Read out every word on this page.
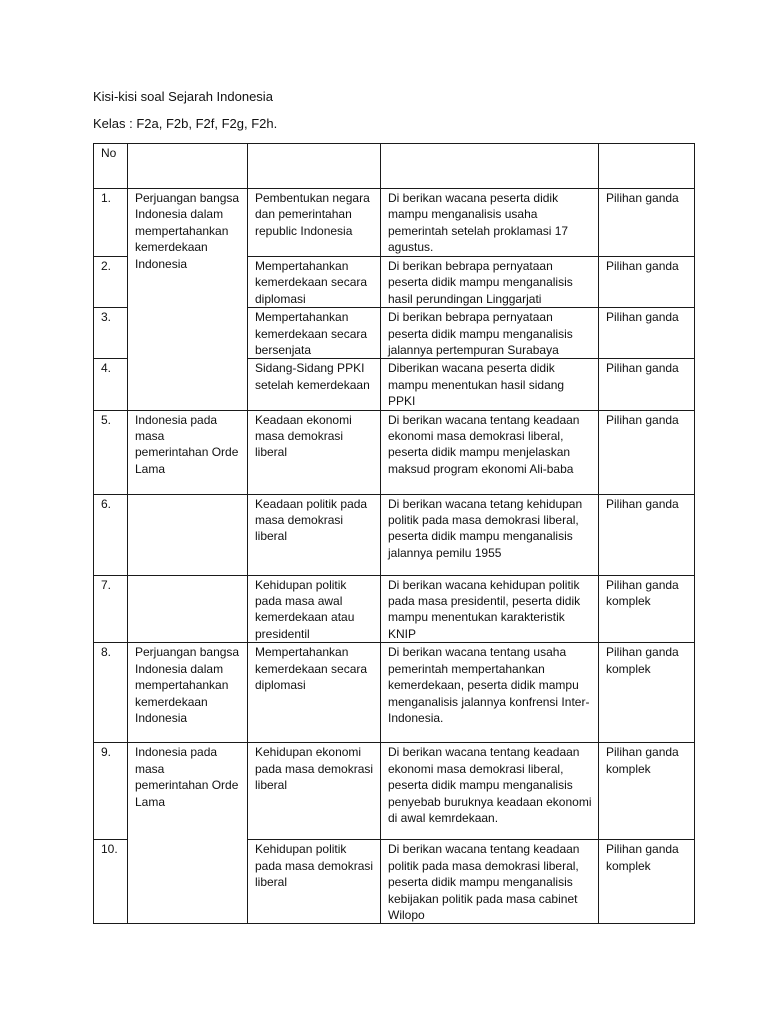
Kisi-kisi soal Sejarah Indonesia
Kelas : F2a, F2b, F2f, F2g, F2h.
No				
1.	Perjuangan bangsa Indonesia dalam mempertahankan kemerdekaan Indonesia	Pembentukan negara dan pemerintahan republic Indonesia	Di berikan wacana peserta didik mampu menganalisis usaha pemerintah setelah proklamasi 17 agustus.	Pilihan ganda
2.		Mempertahankan kemerdekaan secara diplomasi	Di berikan bebrapa pernyataan peserta didik mampu menganalisis hasil perundingan Linggarjati	Pilihan ganda
3.		Mempertahankan kemerdekaan secara bersenjata	Di berikan bebrapa pernyataan peserta didik mampu menganalisis jalannya pertempuran Surabaya	Pilihan ganda
4.		Sidang-Sidang PPKI setelah kemerdekaan	Diberikan wacana peserta didik mampu menentukan hasil sidang PPKI	Pilihan ganda
5.	Indonesia pada masa pemerintahan Orde Lama	Keadaan ekonomi masa demokrasi liberal	Di berikan wacana tentang keadaan ekonomi masa demokrasi liberal, peserta didik mampu menjelaskan maksud program ekonomi Ali-baba	Pilihan ganda
6.		Keadaan politik pada masa demokrasi liberal	Di berikan wacana tetang kehidupan politik pada masa demokrasi liberal, peserta didik mampu menganalisis jalannya pemilu 1955	Pilihan ganda
7.		Kehidupan politik pada masa awal kemerdekaan atau presidentil	Di berikan wacana kehidupan politik pada masa presidentil, peserta didik mampu menentukan karakteristik KNIP	Pilihan ganda komplek
8.	Perjuangan bangsa Indonesia dalam mempertahankan kemerdekaan Indonesia	Mempertahankan kemerdekaan secara diplomasi	Di berikan wacana tentang usaha pemerintah mempertahankan kemerdekaan, peserta didik mampu menganalisis jalannya konfrensi Inter-Indonesia.	Pilihan ganda komplek
9.	Indonesia pada masa pemerintahan Orde Lama	Kehidupan ekonomi pada masa demokrasi liberal	Di berikan wacana tentang keadaan ekonomi masa demokrasi liberal, peserta didik mampu menganalisis penyebab buruknya keadaan ekonomi di awal kemrdekaan.	Pilihan ganda komplek
10.		Kehidupan politik pada masa demokrasi liberal	Di berikan wacana tentang keadaan politik pada masa demokrasi liberal, peserta didik mampu menganalisis kebijakan politik pada masa cabinet Wilopo	Pilihan ganda komplek
